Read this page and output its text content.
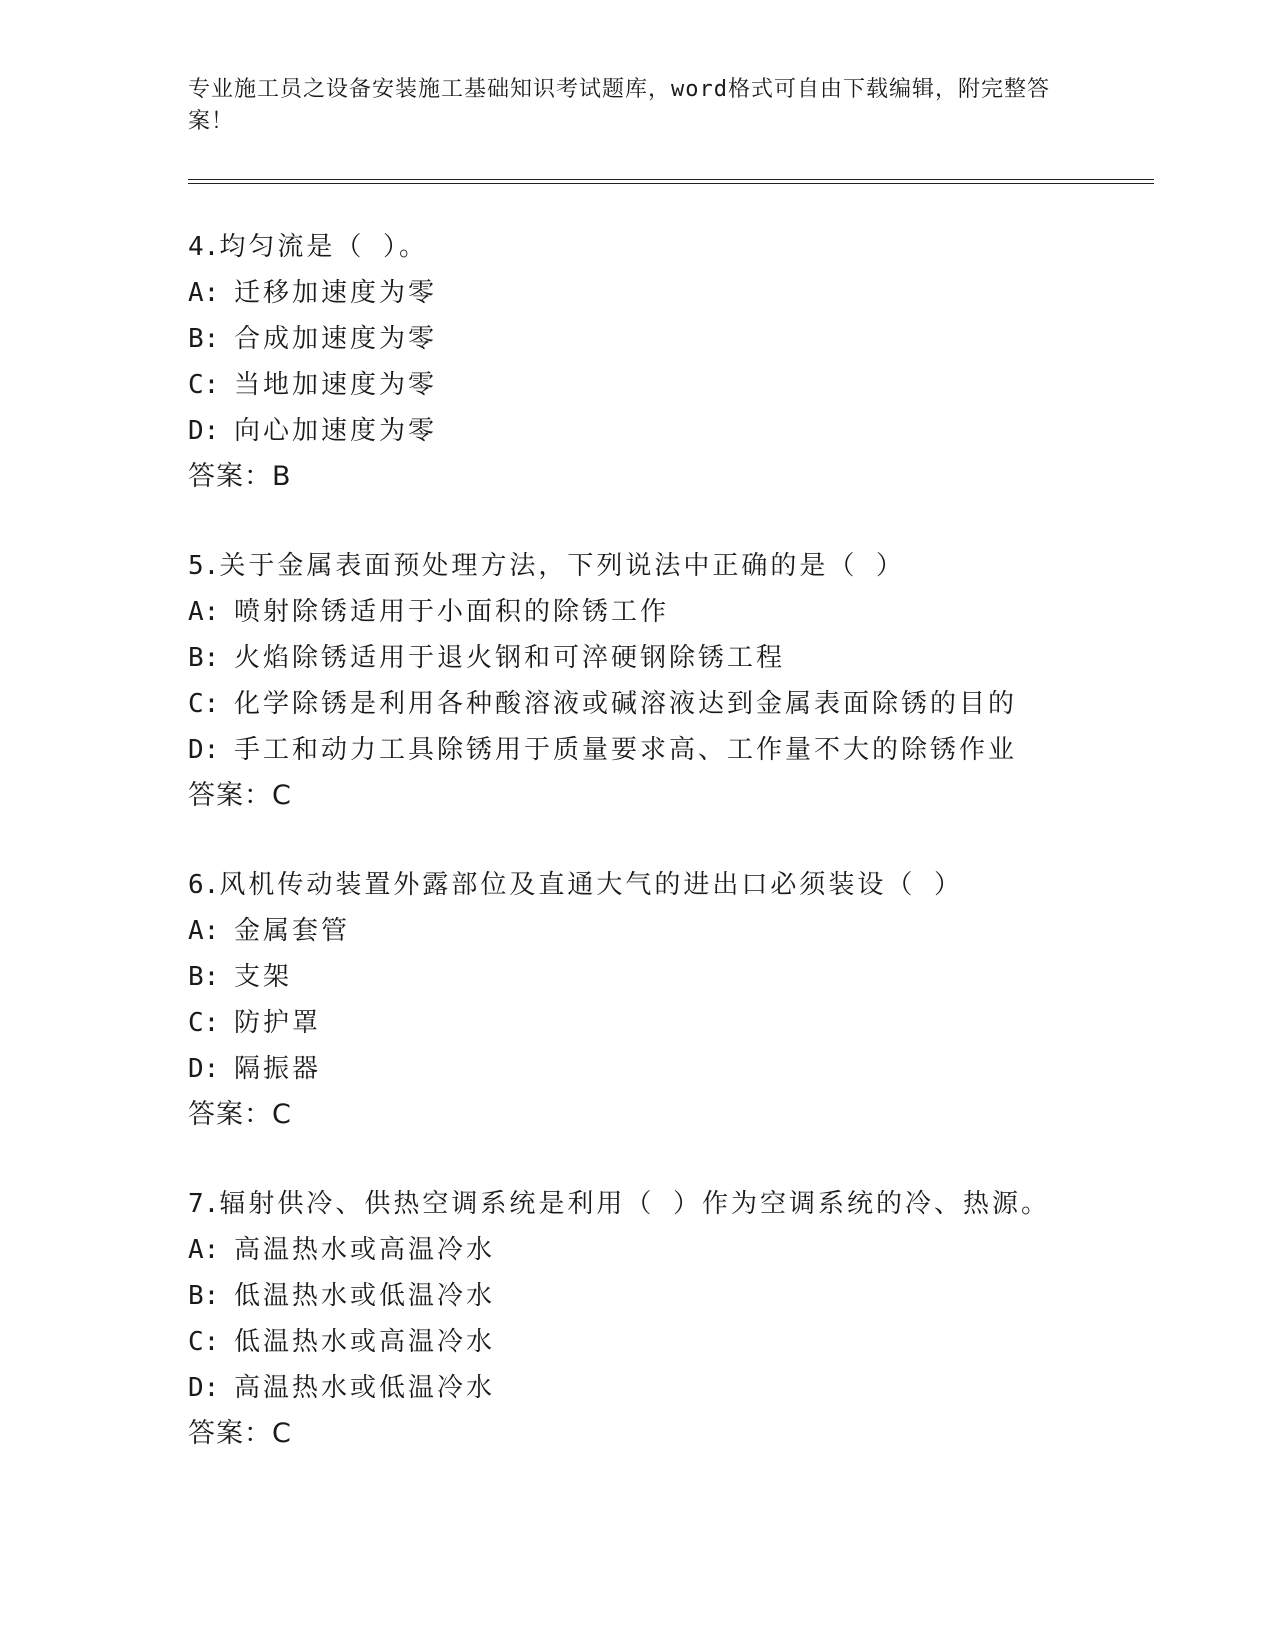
专业施工员之设备安装施工基础知识考试题库，word格式可自由下载编辑，附完整答案！
4.均匀流是（ ）。
A: 迁移加速度为零
B: 合成加速度为零
C: 当地加速度为零
D: 向心加速度为零
答案：B
5.关于金属表面预处理方法，下列说法中正确的是（ ）
A: 喷射除锈适用于小面积的除锈工作
B: 火焰除锈适用于退火钢和可淬硬钢除锈工程
C: 化学除锈是利用各种酸溶液或碱溶液达到金属表面除锈的目的
D: 手工和动力工具除锈用于质量要求高、工作量不大的除锈作业
答案：C
6.风机传动装置外露部位及直通大气的进出口必须装设（ ）
A: 金属套管
B: 支架
C: 防护罩
D: 隔振器
答案：C
7.辐射供冷、供热空调系统是利用（ ）作为空调系统的冷、热源。
A: 高温热水或高温冷水
B: 低温热水或低温冷水
C: 低温热水或高温冷水
D: 高温热水或低温冷水
答案：C
